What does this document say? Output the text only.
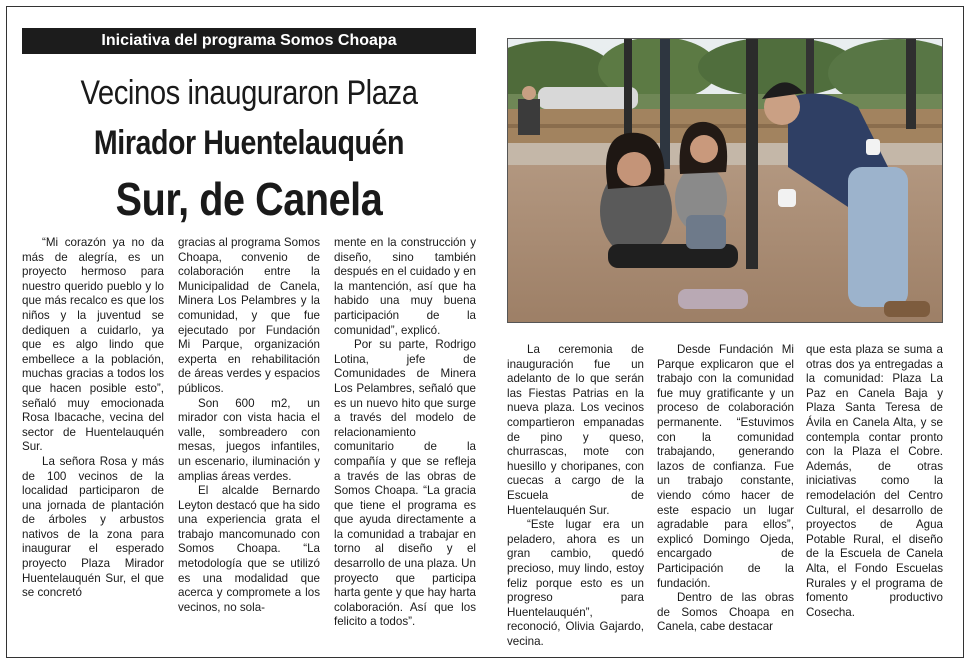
Iniciativa del programa Somos Choapa
Vecinos inauguraron Plaza
Mirador Huentelauquén
Sur, de Canela

“Mi corazón ya no da más de alegría, es un proyecto hermoso para nuestro querido pueblo y lo que más recalco es que los niños y la juventud se dediquen a cuidarlo, ya que es algo lindo que embellece a la población, muchas gracias a todos los que hacen posible esto”, señaló muy emocionada Rosa Ibacache, vecina del sector de Huentelauquén Sur.

La señora Rosa y más de 100 vecinos de la localidad participaron de una jornada de plantación de árboles y arbustos nativos de la zona para inaugurar el esperado proyecto Plaza Mirador Huentelauquén Sur, el que se concretó

gracias al programa Somos Choapa, convenio de colaboración entre la Municipalidad de Canela, Minera Los Pelambres y la comunidad, y que fue ejecutado por Fundación Mi Parque, organización experta en rehabilitación de áreas verdes y espacios públicos.

Son 600 m2, un mirador con vista hacia el valle, sombreadero con mesas, juegos infantiles, un escenario, iluminación y amplias áreas verdes.

El alcalde Bernardo Leyton destacó que ha sido una experiencia grata el trabajo mancomunado con Somos Choapa. “La metodología que se utilizó es una modalidad que acerca y compromete a los vecinos, no sola-

mente en la construcción y diseño, sino también después en el cuidado y en la mantención, así que ha habido una muy buena participación de la comunidad”, explicó.

Por su parte, Rodrigo Lotina, jefe de Comunidades de Minera Los Pelambres, señaló que es un nuevo hito que surge a través del modelo de relacionamiento comunitario de la compañía y que se refleja a través de las obras de Somos Choapa. “La gracia que tiene el programa es que ayuda directamente a la comunidad a trabajar en torno al diseño y el desarrollo de una plaza. Un proyecto que participa harta gente y que hay harta colaboración. Así que los felicito a todos”.

La ceremonia de inauguración fue un adelanto de lo que serán las Fiestas Patrias en la nueva plaza. Los vecinos compartieron empanadas de pino y queso, churrascas, mote con huesillo y choripanes, con cuecas a cargo de la Escuela de Huentelauquén Sur.

“Este lugar era un peladero, ahora es un gran cambio, quedó precioso, muy lindo, estoy feliz porque esto es un progreso para Huentelauquén”, reconoció, Olivia Gajardo, vecina.

Desde Fundación Mi Parque explicaron que el trabajo con la comunidad fue muy gratificante y un proceso de colaboración permanente. “Estuvimos con la comunidad trabajando, generando lazos de confianza. Fue un trabajo constante, viendo cómo hacer de este espacio un lugar agradable para ellos”, explicó Domingo Ojeda, encargado de Participación de la fundación.

Dentro de las obras de Somos Choapa en Canela, cabe destacar

que esta plaza se suma a otras dos ya entregadas a la comunidad: Plaza La Paz en Canela Baja y Plaza Santa Teresa de Ávila en Canela Alta, y se contempla contar pronto con la Plaza el Cobre. Además, de otras iniciativas como la remodelación del Centro Cultural, el desarrollo de proyectos de Agua Potable Rural, el diseño de la Escuela de Canela Alta, el Fondo Escuelas Rurales y el programa de fomento productivo Cosecha.
